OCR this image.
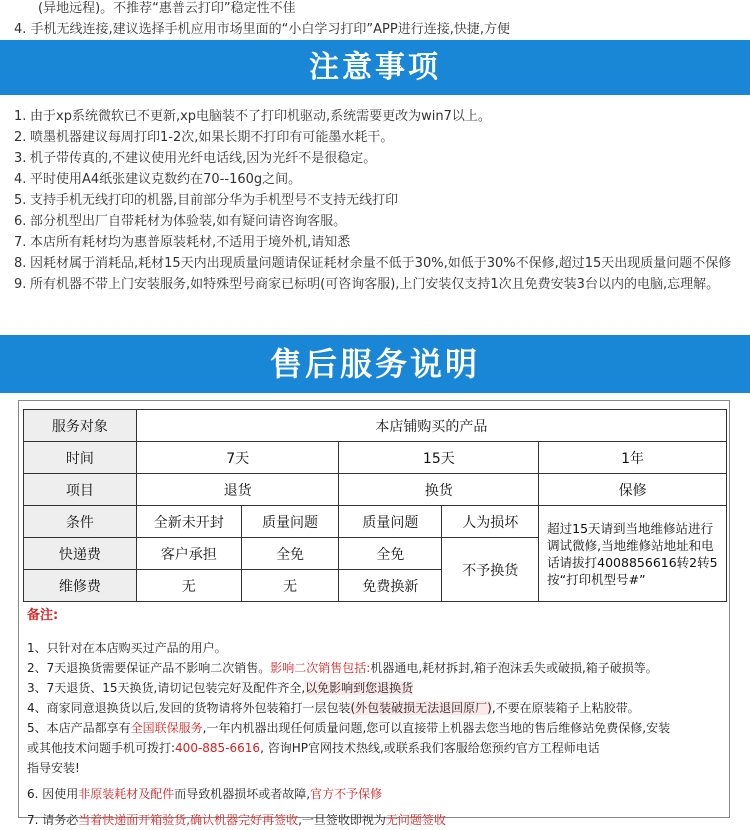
(异地远程)。不推荐“惠普云打印”稳定性不佳
4. 手机无线连接,建议选择手机应用市场里面的“小白学习打印”APP进行连接,快捷,方便
注意事项
1. 由于xp系统微软已不更新,xp电脑装不了打印机驱动,系统需要更改为win7以上。
2. 喷墨机器建议每周打印1-2次,如果长期不打印有可能墨水耗干。
3. 机子带传真的,不建议使用光纤电话线,因为光纤不是很稳定。
4. 平时使用A4纸张建议克数约在70--160g之间。
5. 支持手机无线打印的机器,目前部分华为手机型号不支持无线打印
6. 部分机型出厂自带耗材为体验装,如有疑问请咨询客服。
7. 本店所有耗材均为惠普原装耗材,不适用于境外机,请知悉
8. 因耗材属于消耗品,耗材15天内出现质量问题请保证耗材余量不低于30%,如低于30%不保修,超过15天出现质量问题不保修
9. 所有机器不带上门安装服务,如特殊型号商家已标明(可咨询客服),上门安装仅支持1次且免费安装3台以内的电脑,忘理解。
售后服务说明
服务对象	本店铺购买的产品				
时间	7天		15天		1年
项目	退货		换货		保修
条件	全新未开封	质量问题	质量问题	人为损坏	超过15天请到当地维修站进行调试微修,当地维修站地址和电话请拔打4008856616转2转5 按“打印机型号#”
快递费	客户承担	全免	全免	不予换货	
维修费	无	无	免费换新		
备注:
1、只针对在本店购买过产品的用户。
2、7天退换货需要保证产品不影响二次销售。影响二次销售包括:机器通电,耗材拆封,箱子泡沫丢失或破损,箱子破损等。
3、7天退货、15天换货,请切记包装完好及配件齐全,以免影响到您退换货
4、商家同意退换货以后,发回的货物请将外包装箱打一层包装(外包装破损无法退回原厂),不要在原装箱子上粘胶带。
5、本店产品都享有全国联保服务,一年内机器出现任何质量问题,您可以直接带上机器去您当地的售后维修站免费保修,安装
或其他技术问题手机可拨打:400-885-6616, 咨询HP官网技术热线,或联系我们客服给您预约官方工程师电话
指导安装!
6. 因使用非原装耗材及配件而导致机器损坏或者故障,官方不予保修
7. 请务必当着快递面开箱验货,确认机器完好再签收,一旦签收即视为无问题签收
